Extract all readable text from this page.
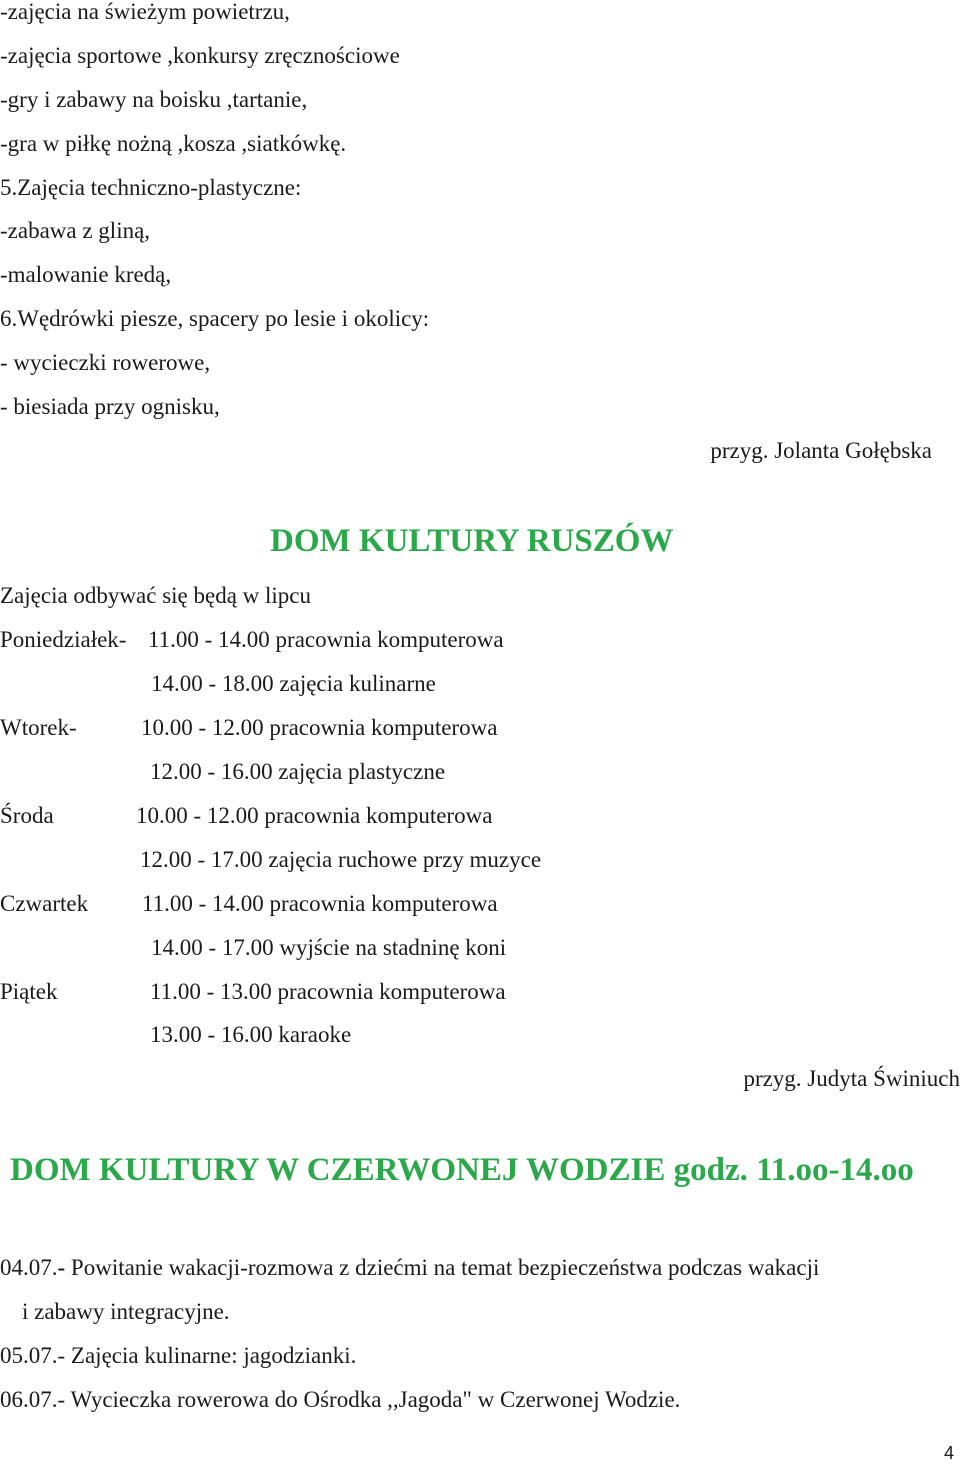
-zajęcia na świeżym powietrzu,
-zajęcia sportowe ,konkursy zręcznościowe
-gry i zabawy na boisku ,tartanie,
-gra w piłkę nożną ,kosza ,siatkówkę.
5.Zajęcia techniczno-plastyczne:
-zabawa z gliną,
-malowanie kredą,
6.Wędrówki piesze, spacery po lesie i okolicy:
- wycieczki rowerowe,
- biesiada przy ognisku,
przyg. Jolanta Gołębska
DOM KULTURY RUSZÓW
Zajęcia odbywać się będą w lipcu
Poniedziałek- 11.00 - 14.00 pracownia komputerowa
14.00 - 18.00 zajęcia kulinarne
Wtorek-	10.00 - 12.00 pracownia komputerowa
12.00 - 16.00 zajęcia plastyczne
Środa	10.00 - 12.00 pracownia komputerowa
12.00 - 17.00 zajęcia ruchowe przy muzyce
Czwartek 11.00 - 14.00 pracownia komputerowa
14.00 - 17.00 wyjście na stadninę koni
Piątek	11.00 - 13.00 pracownia komputerowa
13.00 - 16.00 karaoke
przyg. Judyta Świniuch
DOM KULTURY W CZERWONEJ WODZIE godz. 11.oo-14.oo
04.07.- Powitanie wakacji-rozmowa z dziećmi na temat bezpieczeństwa podczas wakacji
i zabawy integracyjne.
05.07.- Zajęcia kulinarne: jagodzianki.
06.07.- Wycieczka rowerowa do Ośrodka ,,Jagoda" w Czerwonej Wodzie.
4
